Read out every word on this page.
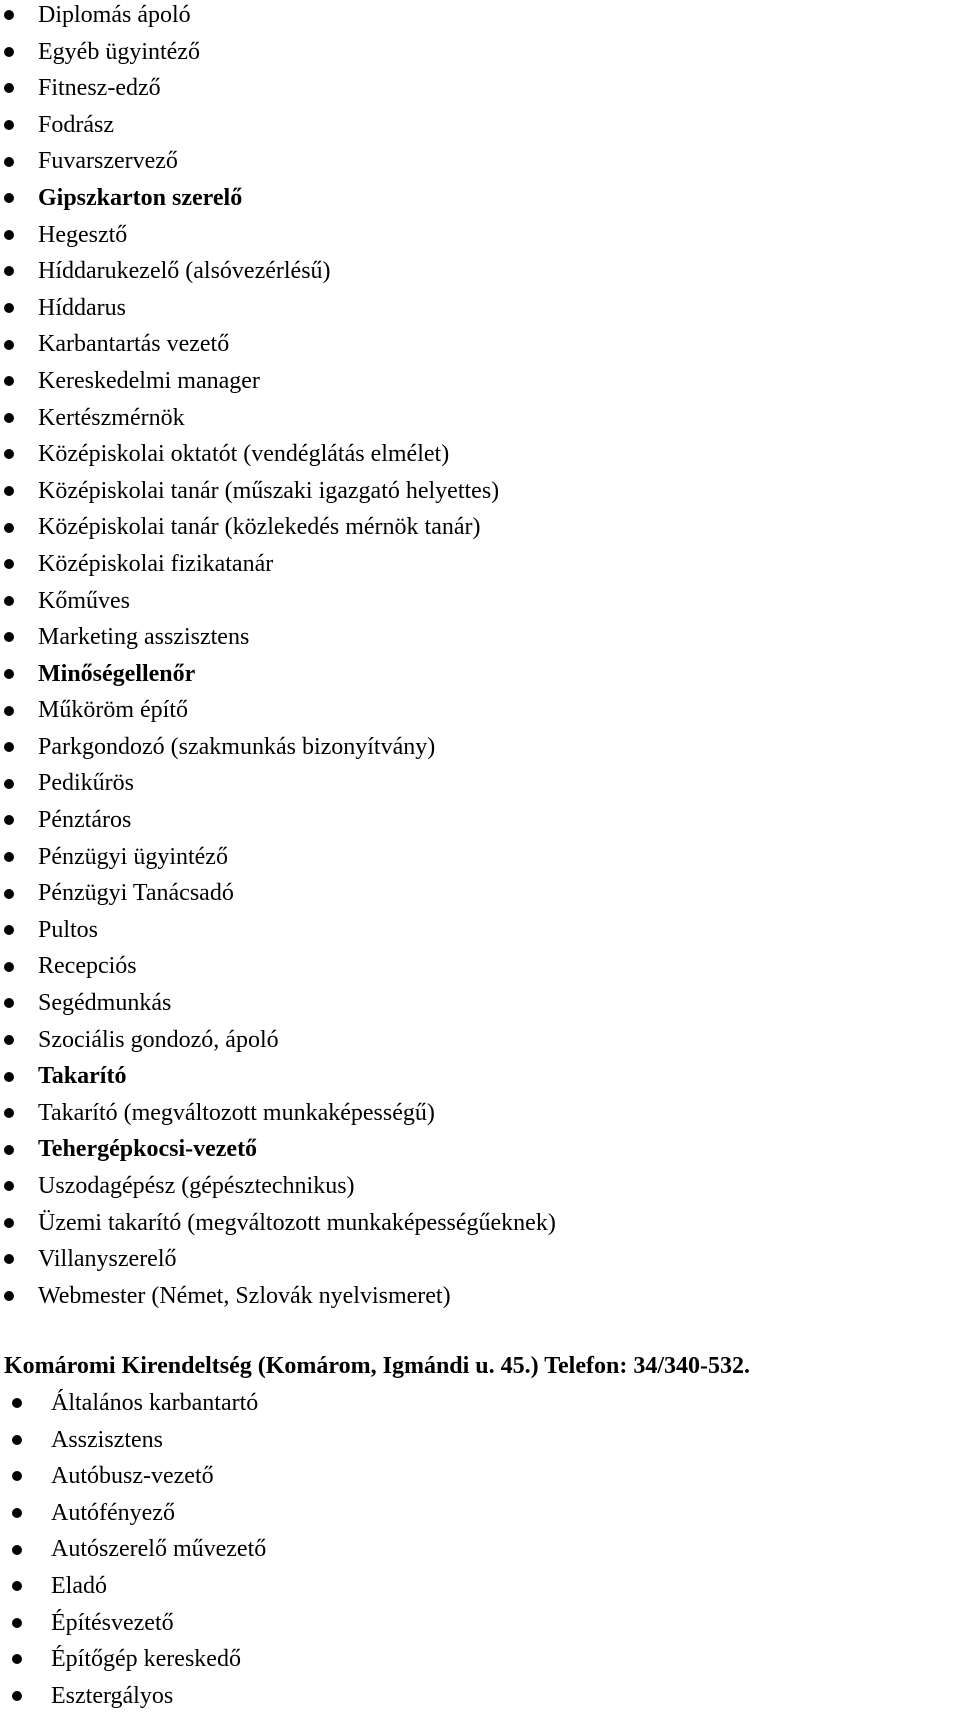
Diplomás ápoló
Egyéb ügyintéző
Fitnesz-edző
Fodrász
Fuvarszervező
Gipszkarton szerelő
Hegesztő
Híddarukezelő (alsóvezérlésű)
Híddarus
Karbantartás vezető
Kereskedelmi manager
Kertészmérnök
Középiskolai oktatót (vendéglátás elmélet)
Középiskolai tanár (műszaki igazgató helyettes)
Középiskolai tanár (közlekedés mérnök tanár)
Középiskolai fizikatanár
Kőműves
Marketing asszisztens
Minőségellenőr
Műköröm építő
Parkgondozó (szakmunkás bizonyítvány)
Pedikűrös
Pénztáros
Pénzügyi ügyintéző
Pénzügyi Tanácsadó
Pultos
Recepciós
Segédmunkás
Szociális gondozó, ápoló
Takarító
Takarító (megváltozott munkaképességű)
Tehergépkocsi-vezető
Uszodagépész (gépésztechnikus)
Üzemi takarító (megváltozott munkaképességűeknek)
Villanyszerelő
Webmester (Német, Szlovák nyelvismeret)
Komáromi Kirendeltség (Komárom, Igmándi u. 45.) Telefon: 34/340-532.
Általános karbantartó
Asszisztens
Autóbusz-vezető
Autófényező
Autószerelő művezető
Eladó
Építésvezető
Építőgép kereskedő
Esztergályos
